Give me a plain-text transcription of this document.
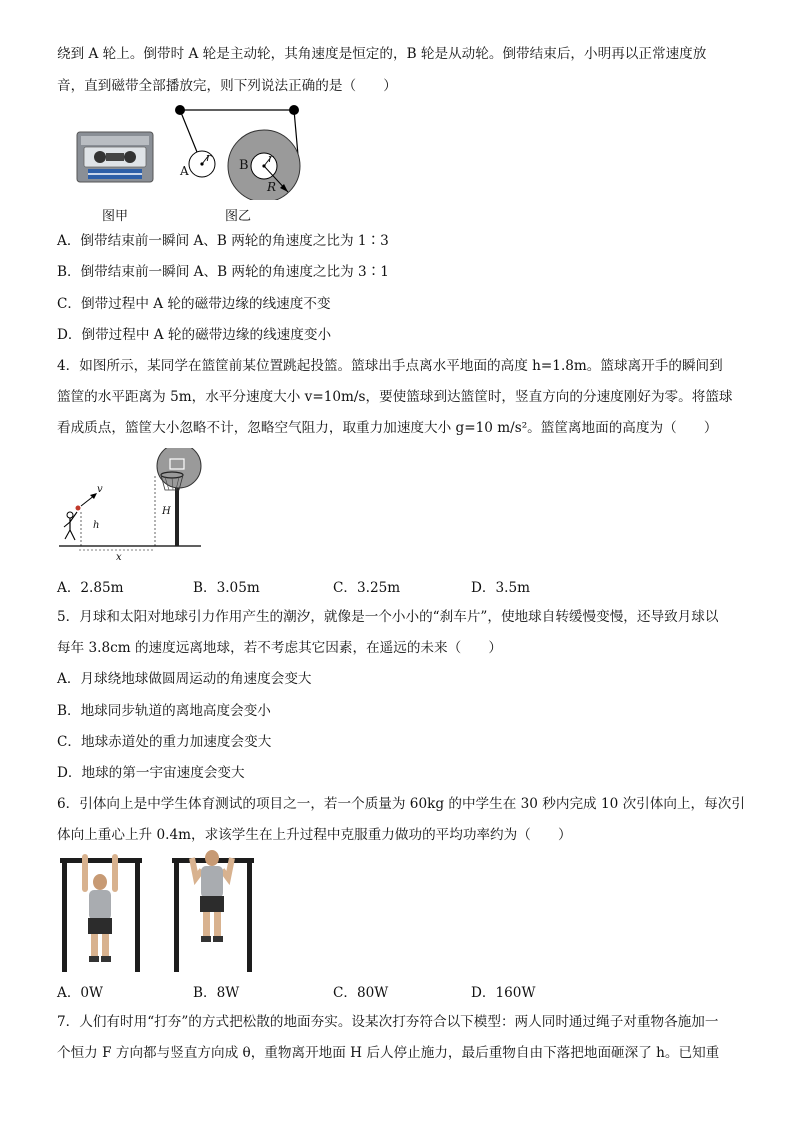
绕到 A 轮上。倒带时 A 轮是主动轮，其角速度是恒定的，B 轮是从动轮。倒带结束后，小明再以正常速度放
音，直到磁带全部播放完，则下列说法正确的是（　　）
图甲
A
r
B r
R
图乙
A．倒带结束前一瞬间 A、B 两轮的角速度之比为 1∶3
B．倒带结束前一瞬间 A、B 两轮的角速度之比为 3∶1
C．倒带过程中 A 轮的磁带边缘的线速度不变
D．倒带过程中 A 轮的磁带边缘的线速度变小
4．如图所示，某同学在篮筐前某位置跳起投篮。篮球出手点离水平地面的高度 h=1.8m。篮球离开手的瞬间到
篮筐的水平距离为 5m，水平分速度大小 v=10m/s，要使篮球到达篮筐时，竖直方向的分速度刚好为零。将篮球
看成质点，篮筐大小忽略不计，忽略空气阻力，取重力加速度大小 g=10 m/s²。篮筐离地面的高度为（　　）
v
h
H
x
A．2.85m	B．3.05m	C．3.25m	D．3.5m
5．月球和太阳对地球引力作用产生的潮汐，就像是一个小小的“刹车片”，使地球自转缓慢变慢，还导致月球以
每年 3.8cm 的速度远离地球，若不考虑其它因素，在遥远的未来（　　）
A．月球绕地球做圆周运动的角速度会变大
B．地球同步轨道的离地高度会变小
C．地球赤道处的重力加速度会变大
D．地球的第一宇宙速度会变大
6．引体向上是中学生体育测试的项目之一，若一个质量为 60kg 的中学生在 30 秒内完成 10 次引体向上，每次引
体向上重心上升 0.4m，求该学生在上升过程中克服重力做功的平均功率约为（　　）
A．0W	B．8W	C．80W	D．160W
7．人们有时用“打夯”的方式把松散的地面夯实。设某次打夯符合以下模型：两人同时通过绳子对重物各施加一
个恒力 F 方向都与竖直方向成 θ，重物离开地面 H 后人停止施力，最后重物自由下落把地面砸深了 h。已知重
